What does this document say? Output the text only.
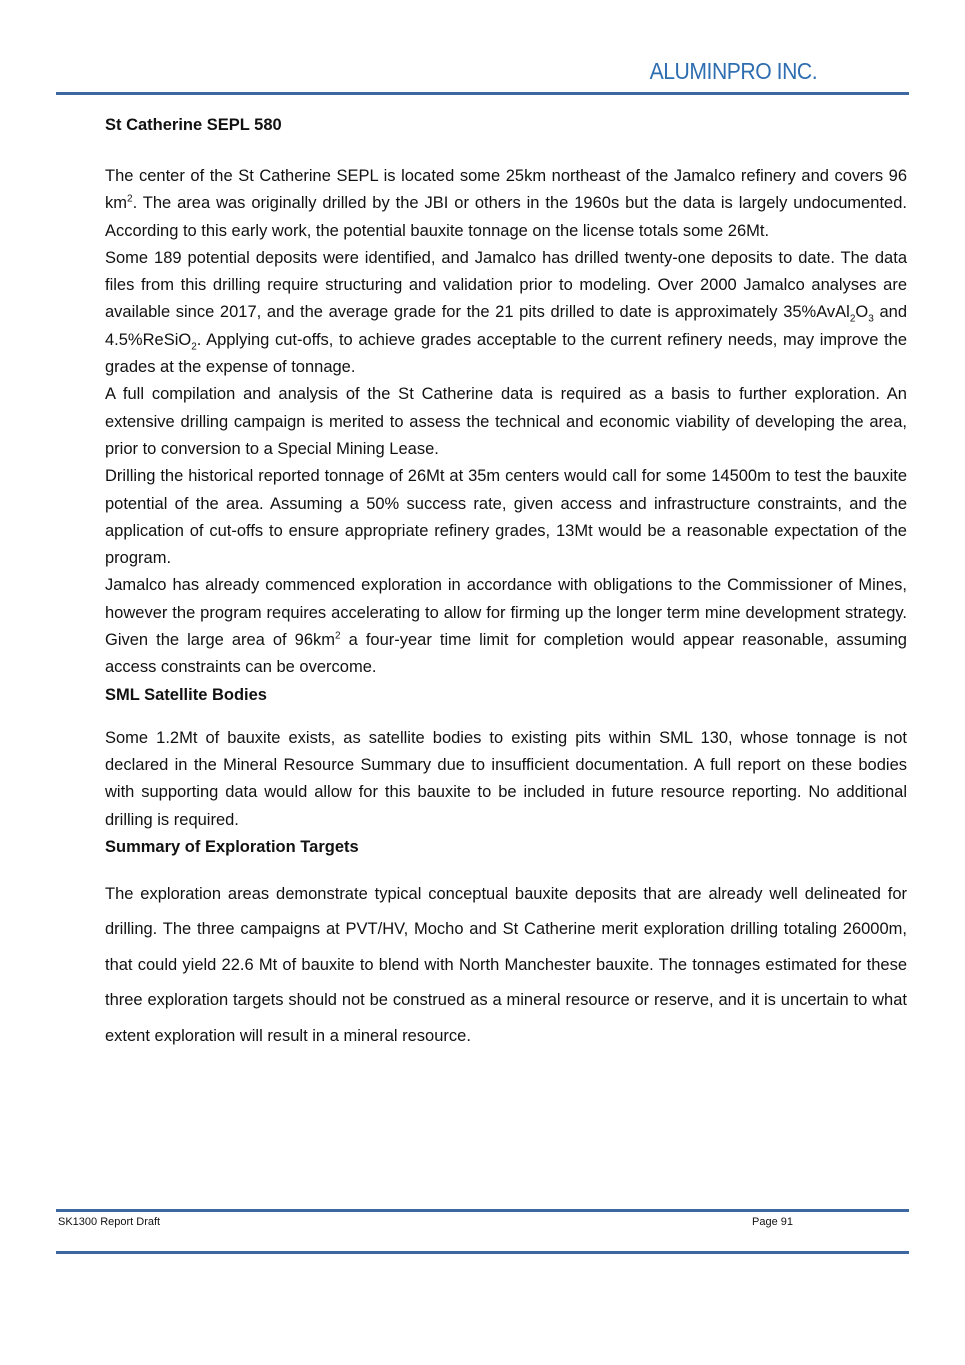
ALUMINPRO INC.
St Catherine SEPL 580

The center of the St Catherine SEPL is located some 25km northeast of the Jamalco refinery and covers 96 $km^2$. The area was originally drilled by the JBI or others in the 1960s but the data is largely undocumented. According to this early work, the potential bauxite tonnage on the license totals some 26Mt.

Some 189 potential deposits were identified, and Jamalco has drilled twenty-one deposits to date. The data files from this drilling require structuring and validation prior to modeling. Over 2000 Jamalco analyses are available since 2017, and the average grade for the 21 pits drilled to date is approximately $35\%AvAl_2O_3$ and 4.5%ReSiO$_2$. Applying cut-offs, to achieve grades acceptable to the current refinery needs, may improve the grades at the expense of tonnage.

A full compilation and analysis of the St Catherine data is required as a basis to further exploration. An extensive drilling campaign is merited to assess the technical and economic viability of developing the area, prior to conversion to a Special Mining Lease.

Drilling the historical reported tonnage of 26Mt at 35m centers would call for some 14500m to test the bauxite potential of the area. Assuming a 50% success rate, given access and infrastructure constraints, and the application of cut-offs to ensure appropriate refinery grades, 13Mt would be a reasonable expectation of the program.

Jamalco has already commenced exploration in accordance with obligations to the Commissioner of Mines, however the program requires accelerating to allow for firming up the longer term mine development strategy. Given the large area of $96km^2$ a four-year time limit for completion would appear reasonable, assuming access constraints can be overcome.

SML Satellite Bodies

Some 1.2Mt of bauxite exists, as satellite bodies to existing pits within SML 130, whose tonnage is not declared in the Mineral Resource Summary due to insufficient documentation. A full report on these bodies with supporting data would allow for this bauxite to be included in future resource reporting. No additional drilling is required.

Summary of Exploration Targets

The exploration areas demonstrate typical conceptual bauxite deposits that are already well delineated for drilling. The three campaigns at PVT/HV, Mocho and St Catherine merit exploration drilling totaling 26000m, that could yield 22.6 Mt of bauxite to blend with North Manchester bauxite. The tonnages estimated for these three exploration targets should not be construed as a mineral resource or reserve, and it is uncertain to what extent exploration will result in a mineral resource.

SK1300 Report Draft	Page 91
